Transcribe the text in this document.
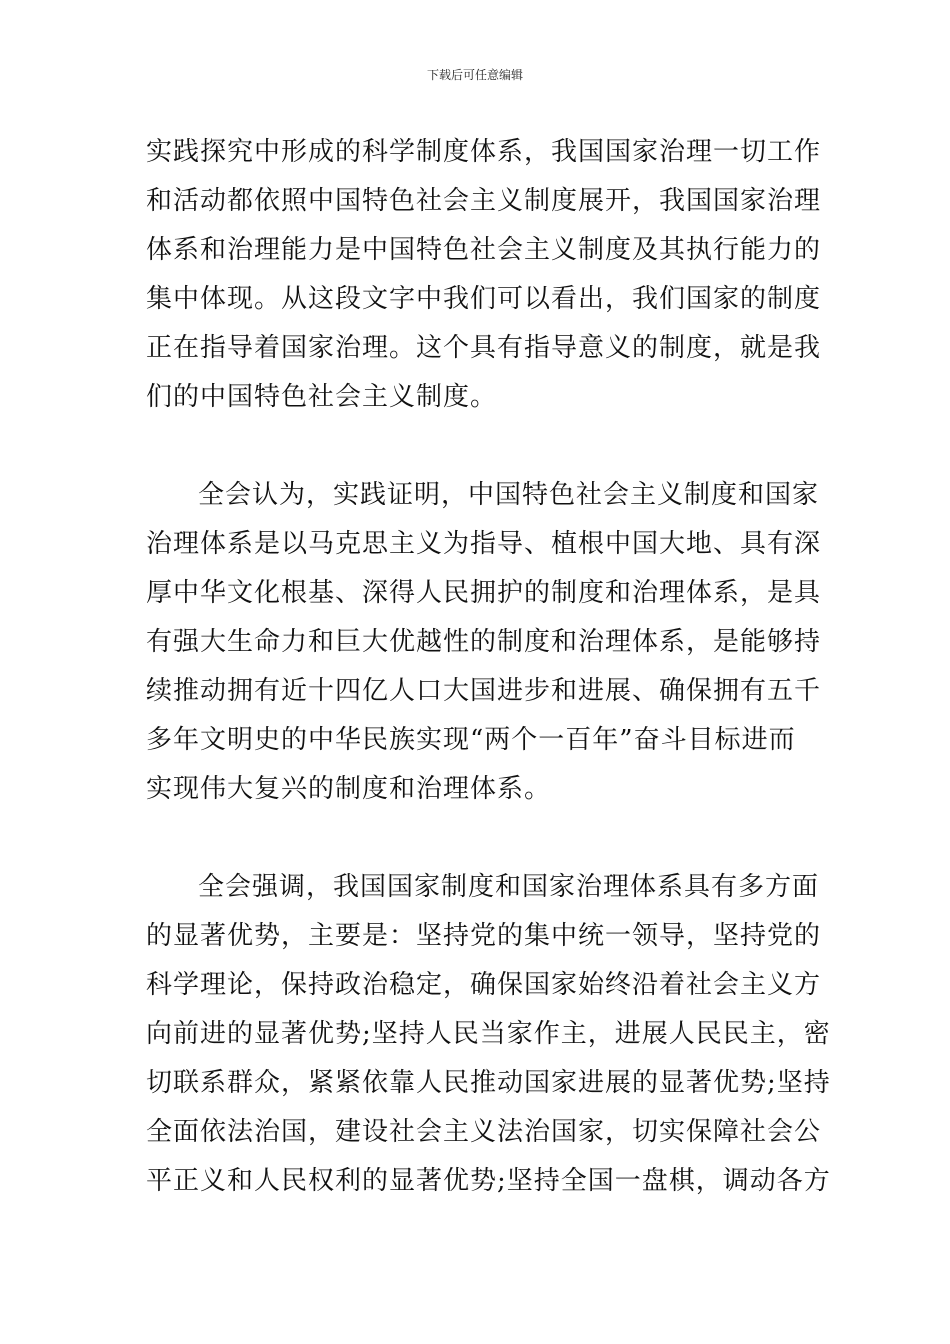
下载后可任意编辑

实践探究中形成的科学制度体系，我国国家治理一切工作
和活动都依照中国特色社会主义制度展开，我国国家治理
体系和治理能力是中国特色社会主义制度及其执行能力的
集中体现。从这段文字中我们可以看出，我们国家的制度
正在指导着国家治理。这个具有指导意义的制度，就是我
们的中国特色社会主义制度。

全会认为，实践证明，中国特色社会主义制度和国家
治理体系是以马克思主义为指导、植根中国大地、具有深
厚中华文化根基、深得人民拥护的制度和治理体系，是具
有强大生命力和巨大优越性的制度和治理体系，是能够持
续推动拥有近十四亿人口大国进步和进展、确保拥有五千
多年文明史的中华民族实现“两个一百年”奋斗目标进而
实现伟大复兴的制度和治理体系。

全会强调，我国国家制度和国家治理体系具有多方面
的显著优势，主要是：坚持党的集中统一领导，坚持党的
科学理论，保持政治稳定，确保国家始终沿着社会主义方
向前进的显著优势;坚持人民当家作主，进展人民民主，密
切联系群众，紧紧依靠人民推动国家进展的显著优势;坚持
全面依法治国，建设社会主义法治国家，切实保障社会公
平正义和人民权利的显著优势;坚持全国一盘棋，调动各方
